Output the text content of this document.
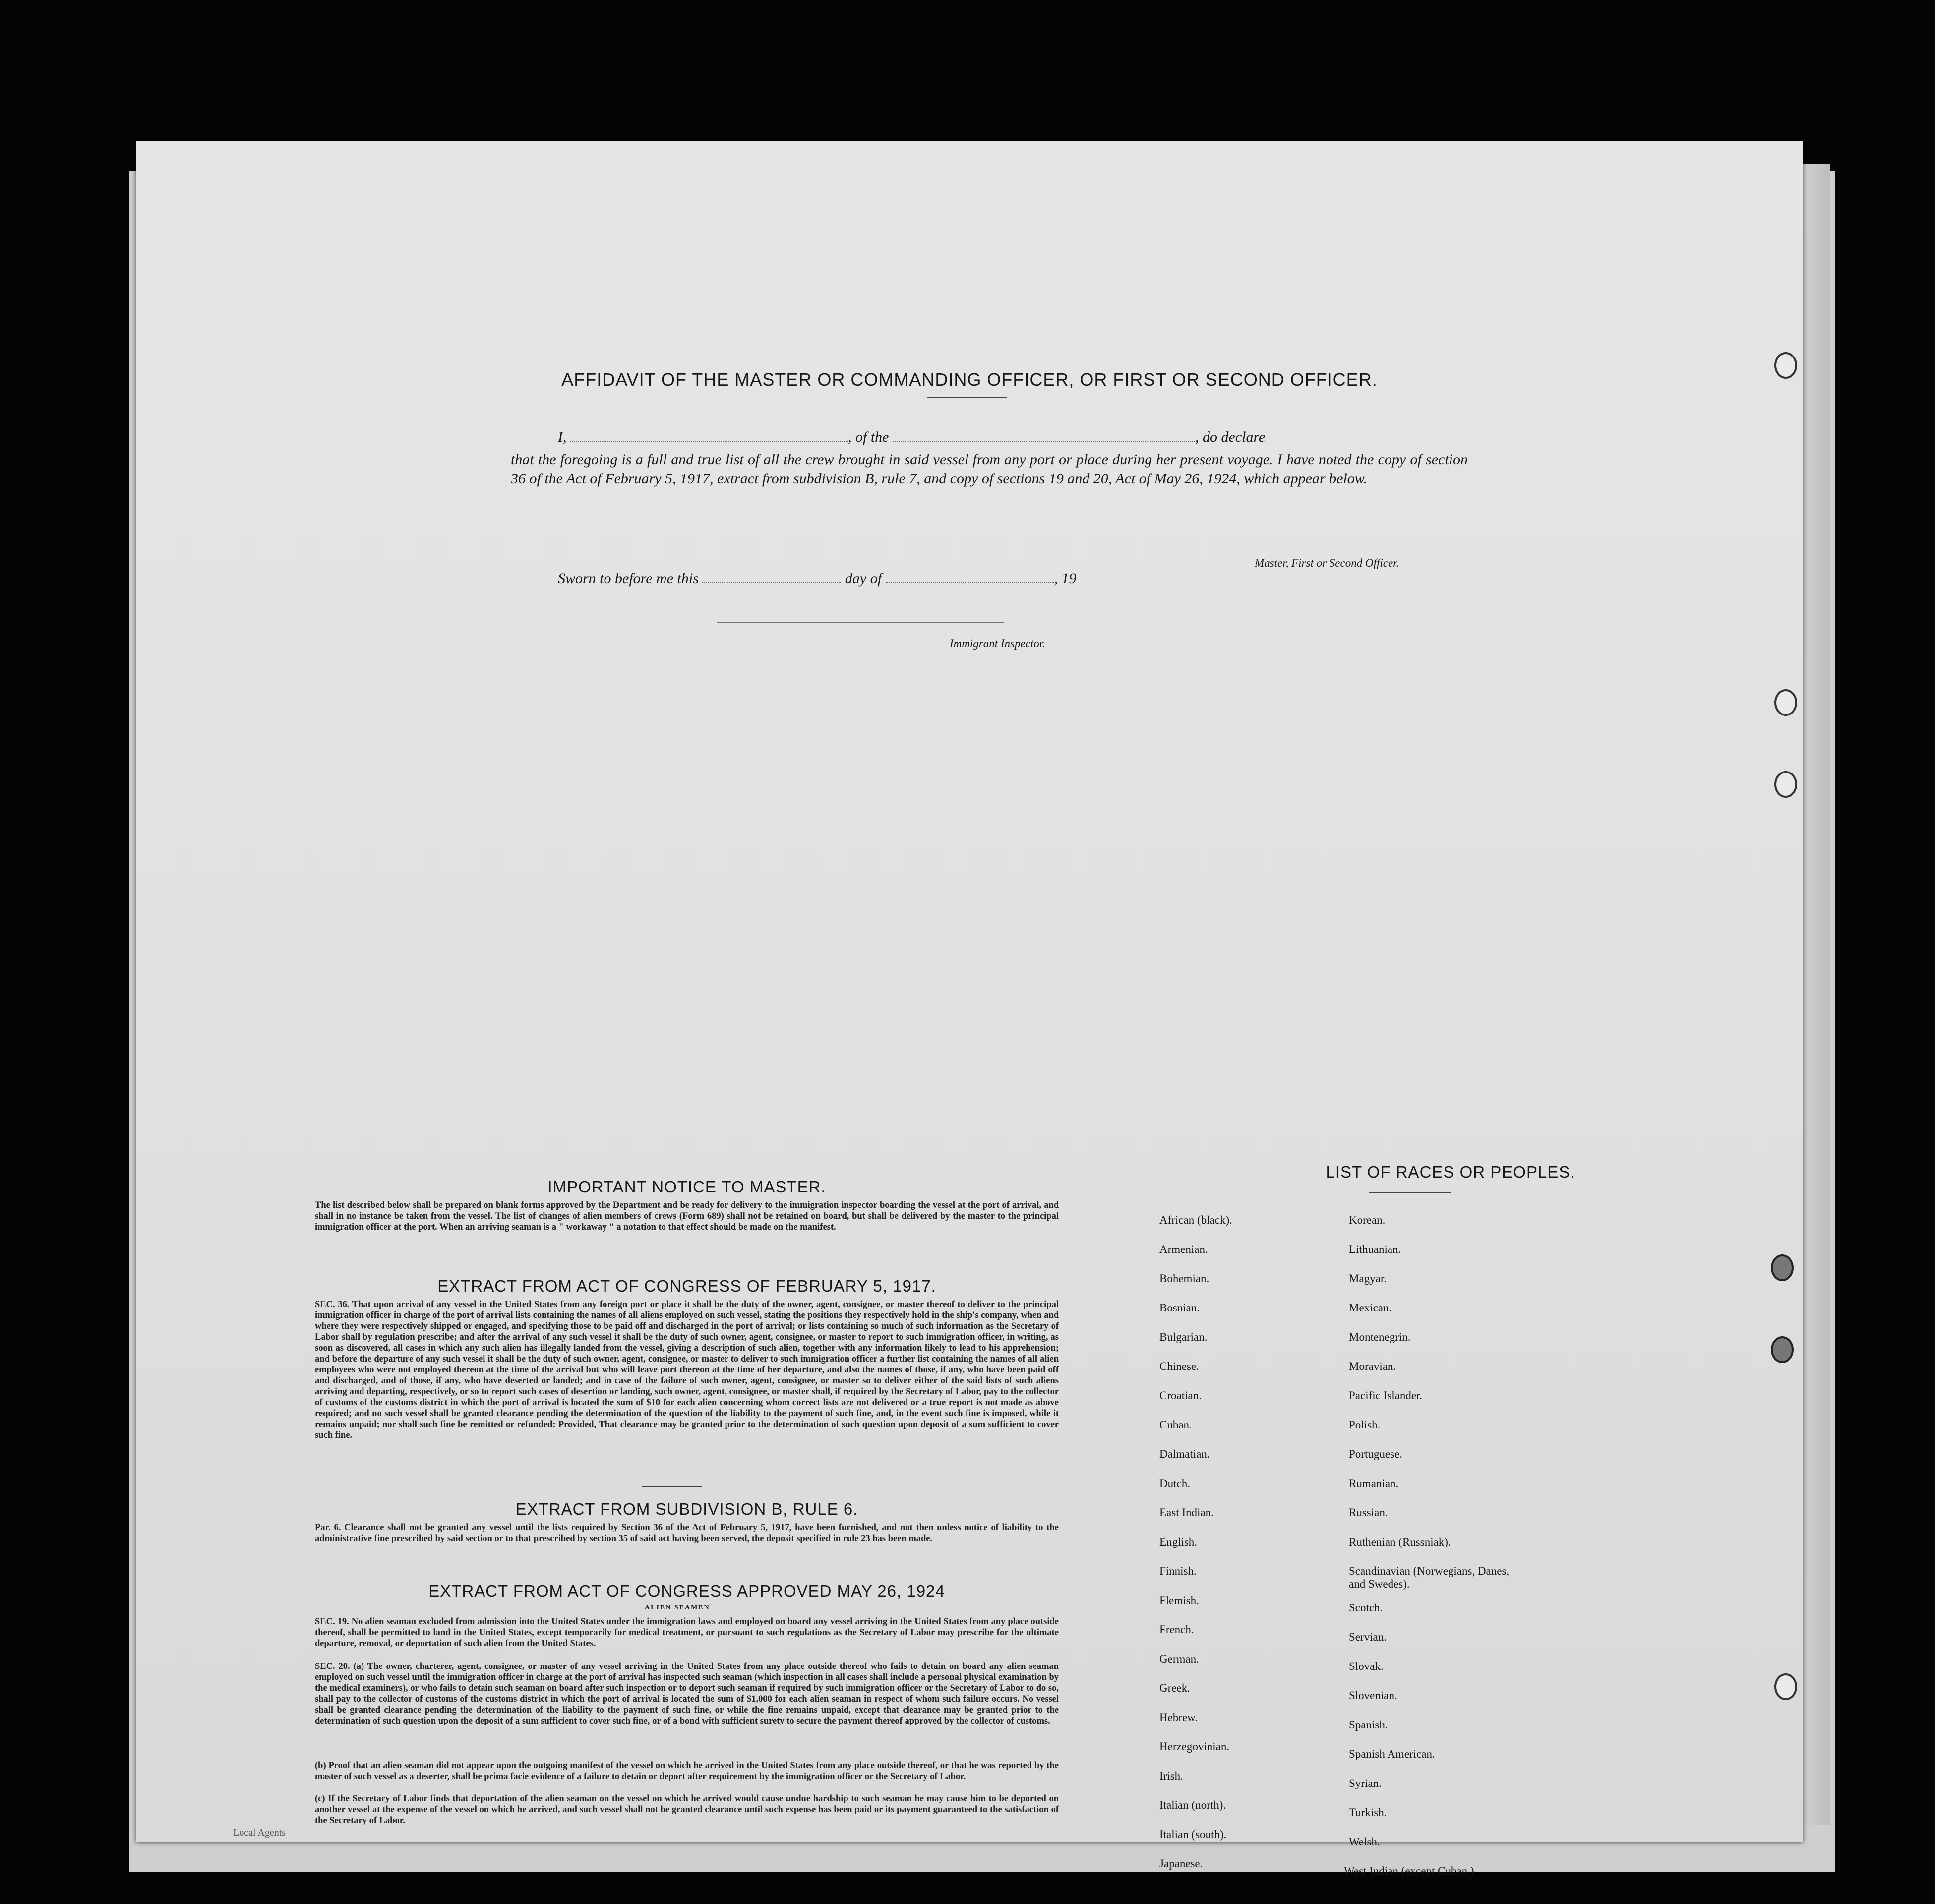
AFFIDAVIT OF THE MASTER OR COMMANDING OFFICER, OR FIRST OR SECOND OFFICER.
I,	, of the	, do declare
that the foregoing is a full and true list of all the crew brought in said vessel from any port or place during her present voyage. I have noted the copy of section 36 of the Act of February 5, 1917, extract from subdivision B, rule 7, and copy of sections 19 and 20, Act of May 26, 1924, which appear below.
Master, First or Second Officer.
Sworn to before me this	day of	, 19
Immigrant Inspector.
IMPORTANT NOTICE TO MASTER.
The list described below shall be prepared on blank forms approved by the Department and be ready for delivery to the immigration inspector boarding the vessel at the port of arrival, and shall in no instance be taken from the vessel. The list of changes of alien members of crews (Form 689) shall not be retained on board, but shall be delivered by the master to the principal immigration officer at the port. When an arriving seaman is a " workaway " a notation to that effect should be made on the manifest.
EXTRACT FROM ACT OF CONGRESS OF FEBRUARY 5, 1917.
SEC. 36. That upon arrival of any vessel in the United States from any foreign port or place it shall be the duty of the owner, agent, consignee, or master thereof to deliver to the principal immigration officer in charge of the port of arrival lists containing the names of all aliens employed on such vessel, stating the positions they respectively hold in the ship's company, when and where they were respectively shipped or engaged, and specifying those to be paid off and discharged in the port of arrival; or lists containing so much of such information as the Secretary of Labor shall by regulation prescribe; and after the arrival of any such vessel it shall be the duty of such owner, agent, consignee, or master to report to such immigration officer, in writing, as soon as discovered, all cases in which any such alien has illegally landed from the vessel, giving a description of such alien, together with any information likely to lead to his apprehension; and before the departure of any such vessel it shall be the duty of such owner, agent, consignee, or master to deliver to such immigration officer a further list containing the names of all alien employees who were not employed thereon at the time of the arrival but who will leave port thereon at the time of her departure, and also the names of those, if any, who have been paid off and discharged, and of those, if any, who have deserted or landed; and in case of the failure of such owner, agent, consignee, or master so to deliver either of the said lists of such aliens arriving and departing, respectively, or so to report such cases of desertion or landing, such owner, agent, consignee, or master shall, if required by the Secretary of Labor, pay to the collector of customs of the customs district in which the port of arrival is located the sum of $10 for each alien concerning whom correct lists are not delivered or a true report is not made as above required; and no such vessel shall be granted clearance pending the determination of the question of the liability to the payment of such fine, and, in the event such fine is imposed, while it remains unpaid; nor shall such fine be remitted or refunded: Provided, That clearance may be granted prior to the determination of such question upon deposit of a sum sufficient to cover such fine.
EXTRACT FROM SUBDIVISION B, RULE 6.
Par. 6. Clearance shall not be granted any vessel until the lists required by Section 36 of the Act of February 5, 1917, have been furnished, and not then unless notice of liability to the administrative fine prescribed by said section or to that prescribed by section 35 of said act having been served, the deposit specified in rule 23 has been made.
EXTRACT FROM ACT OF CONGRESS APPROVED MAY 26, 1924
ALIEN SEAMEN
SEC. 19. No alien seaman excluded from admission into the United States under the immigration laws and employed on board any vessel arriving in the United States from any place outside thereof, shall be permitted to land in the United States, except temporarily for medical treatment, or pursuant to such regulations as the Secretary of Labor may prescribe for the ultimate departure, removal, or deportation of such alien from the United States.
SEC. 20. (a) The owner, charterer, agent, consignee, or master of any vessel arriving in the United States from any place outside thereof who fails to detain on board any alien seaman employed on such vessel until the immigration officer in charge at the port of arrival has inspected such seaman (which inspection in all cases shall include a personal physical examination by the medical examiners), or who fails to detain such seaman on board after such inspection or to deport such seaman if required by such immigration officer or the Secretary of Labor to do so, shall pay to the collector of customs of the customs district in which the port of arrival is located the sum of $1,000 for each alien seaman in respect of whom such failure occurs. No vessel shall be granted clearance pending the determination of the liability to the payment of such fine, or while the fine remains unpaid, except that clearance may be granted prior to the determination of such question upon the deposit of a sum sufficient to cover such fine, or of a bond with sufficient surety to secure the payment thereof approved by the collector of customs.
(b) Proof that an alien seaman did not appear upon the outgoing manifest of the vessel on which he arrived in the United States from any place outside thereof, or that he was reported by the master of such vessel as a deserter, shall be prima facie evidence of a failure to detain or deport after requirement by the immigration officer or the Secretary of Labor.
(c) If the Secretary of Labor finds that deportation of the alien seaman on the vessel on which he arrived would cause undue hardship to such seaman he may cause him to be deported on another vessel at the expense of the vessel on which he arrived, and such vessel shall not be granted clearance until such expense has been paid or its payment guaranteed to the satisfaction of the Secretary of Labor.
LIST OF RACES OR PEOPLES.
African (black).
Armenian.
Bohemian.
Bosnian.
Bulgarian.
Chinese.
Croatian.
Cuban.
Dalmatian.
Dutch.
East Indian.
English.
Finnish.
Flemish.
French.
German.
Greek.
Hebrew.
Herzegovinian.
Irish.
Italian (north).
Italian (south).
Japanese.
Korean.
Lithuanian.
Magyar.
Mexican.
Montenegrin.
Moravian.
Pacific Islander.
Polish.
Portuguese.
Rumanian.
Russian.
Ruthenian (Russniak).
Scandinavian (Norwegians, Danes, and Swedes).
Scotch.
Servian.
Slovak.
Slovenian.
Spanish.
Spanish American.
Syrian.
Turkish.
Welsh.
West Indian (except Cuban.)
Local Agents
